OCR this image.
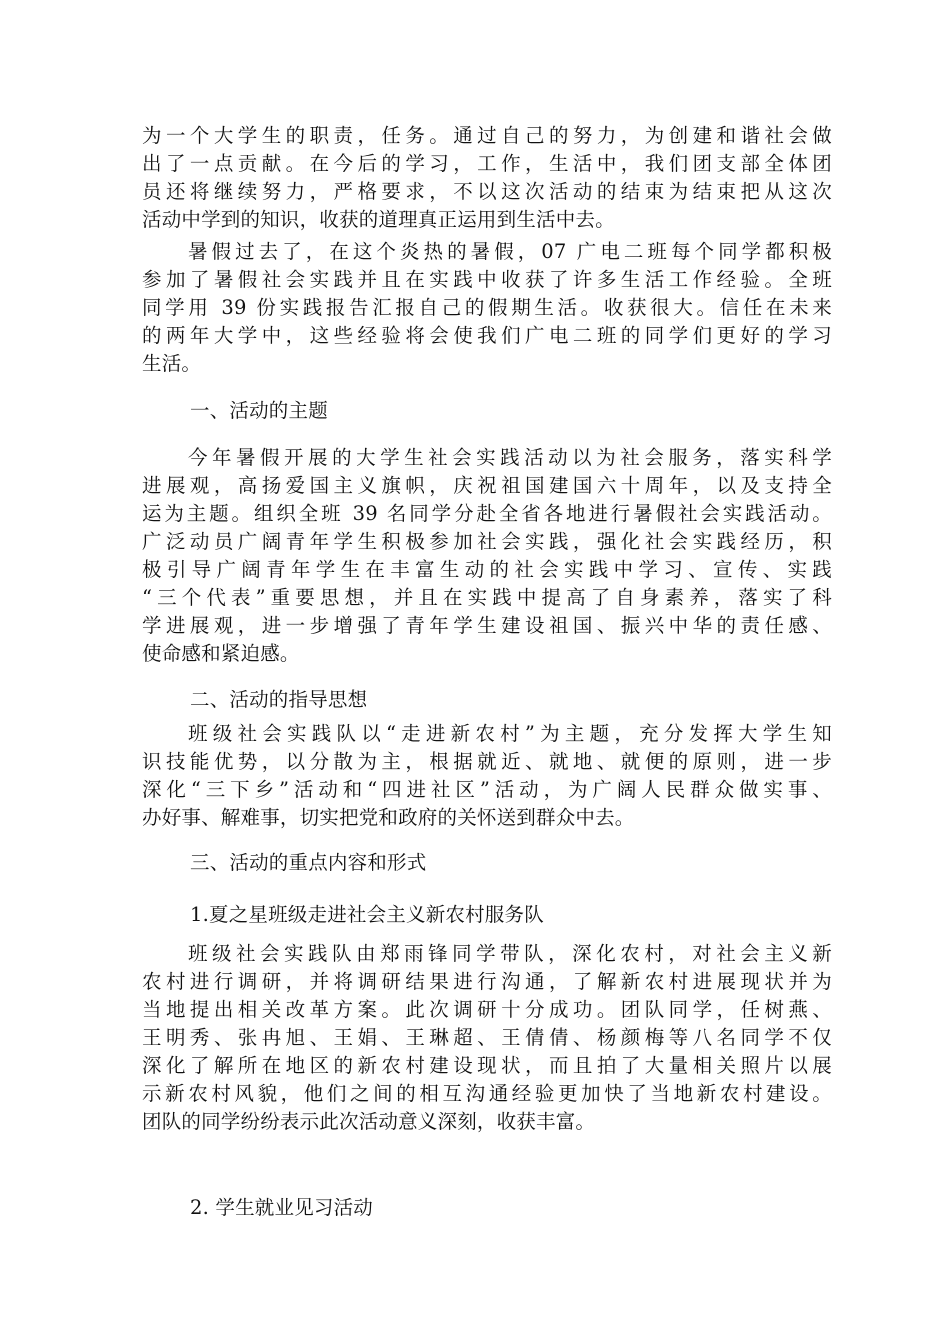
为一个大学生的职责，任务。通过自己的努力，为创建和谐社会做
出了一点贡献。在今后的学习，工作，生活中，我们团支部全体团
员还将继续努力，严格要求，不以这次活动的结束为结束把从这次
活动中学到的知识，收获的道理真正运用到生活中去。
暑假过去了，在这个炎热的暑假，07 广电二班每个同学都积极
参加了暑假社会实践并且在实践中收获了许多生活工作经验。全班
同学用 39 份实践报告汇报自己的假期生活。收获很大。信任在未来
的两年大学中，这些经验将会使我们广电二班的同学们更好的学习
生活。
一、活动的主题
今年暑假开展的大学生社会实践活动以为社会服务，落实科学
进展观，高扬爱国主义旗帜，庆祝祖国建国六十周年，以及支持全
运为主题。组织全班 39 名同学分赴全省各地进行暑假社会实践活动。
广泛动员广阔青年学生积极参加社会实践，强化社会实践经历，积
极引导广阔青年学生在丰富生动的社会实践中学习、宣传、实践
“三个代表”重要思想，并且在实践中提高了自身素养，落实了科
学进展观，进一步增强了青年学生建设祖国、振兴中华的责任感、
使命感和紧迫感。
二、活动的指导思想
班级社会实践队以“走进新农村”为主题，充分发挥大学生知
识技能优势，以分散为主，根据就近、就地、就便的原则，进一步
深化“三下乡”活动和“四进社区”活动，为广阔人民群众做实事、
办好事、解难事，切实把党和政府的关怀送到群众中去。
三、活动的重点内容和形式
1.夏之星班级走进社会主义新农村服务队
班级社会实践队由郑雨锋同学带队，深化农村，对社会主义新
农村进行调研，并将调研结果进行沟通，了解新农村进展现状并为
当地提出相关改革方案。此次调研十分成功。团队同学，任树燕、
王明秀、张冉旭、王娟、王琳超、王倩倩、杨颜梅等八名同学不仅
深化了解所在地区的新农村建设现状，而且拍了大量相关照片以展
示新农村风貌，他们之间的相互沟通经验更加快了当地新农村建设。
团队的同学纷纷表示此次活动意义深刻，收获丰富。
2. 学生就业见习活动
